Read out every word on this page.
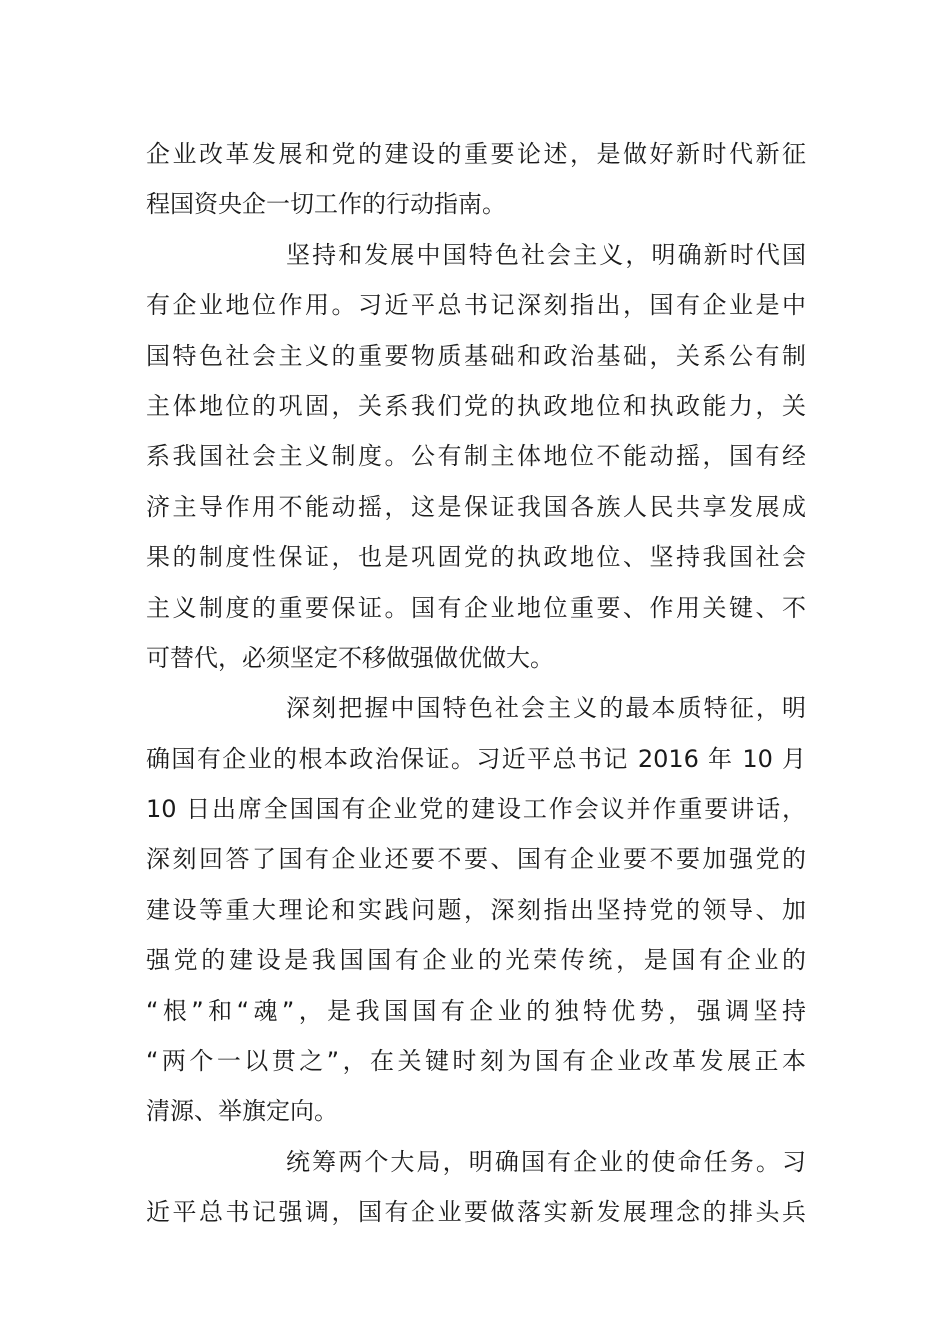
企业改革发展和党的建设的重要论述，是做好新时代新征
程国资央企一切工作的行动指南。
坚持和发展中国特色社会主义，明确新时代国
有企业地位作用。习近平总书记深刻指出，国有企业是中
国特色社会主义的重要物质基础和政治基础，关系公有制
主体地位的巩固，关系我们党的执政地位和执政能力，关
系我国社会主义制度。公有制主体地位不能动摇，国有经
济主导作用不能动摇，这是保证我国各族人民共享发展成
果的制度性保证，也是巩固党的执政地位、坚持我国社会
主义制度的重要保证。国有企业地位重要、作用关键、不
可替代，必须坚定不移做强做优做大。
深刻把握中国特色社会主义的最本质特征，明
确国有企业的根本政治保证。习近平总书记 2016 年 10 月
10 日出席全国国有企业党的建设工作会议并作重要讲话，
深刻回答了国有企业还要不要、国有企业要不要加强党的
建设等重大理论和实践问题，深刻指出坚持党的领导、加
强党的建设是我国国有企业的光荣传统，是国有企业的
“根”和“魂”，是我国国有企业的独特优势，强调坚持
“两个一以贯之”，在关键时刻为国有企业改革发展正本
清源、举旗定向。
统筹两个大局，明确国有企业的使命任务。习
近平总书记强调，国有企业要做落实新发展理念的排头兵
